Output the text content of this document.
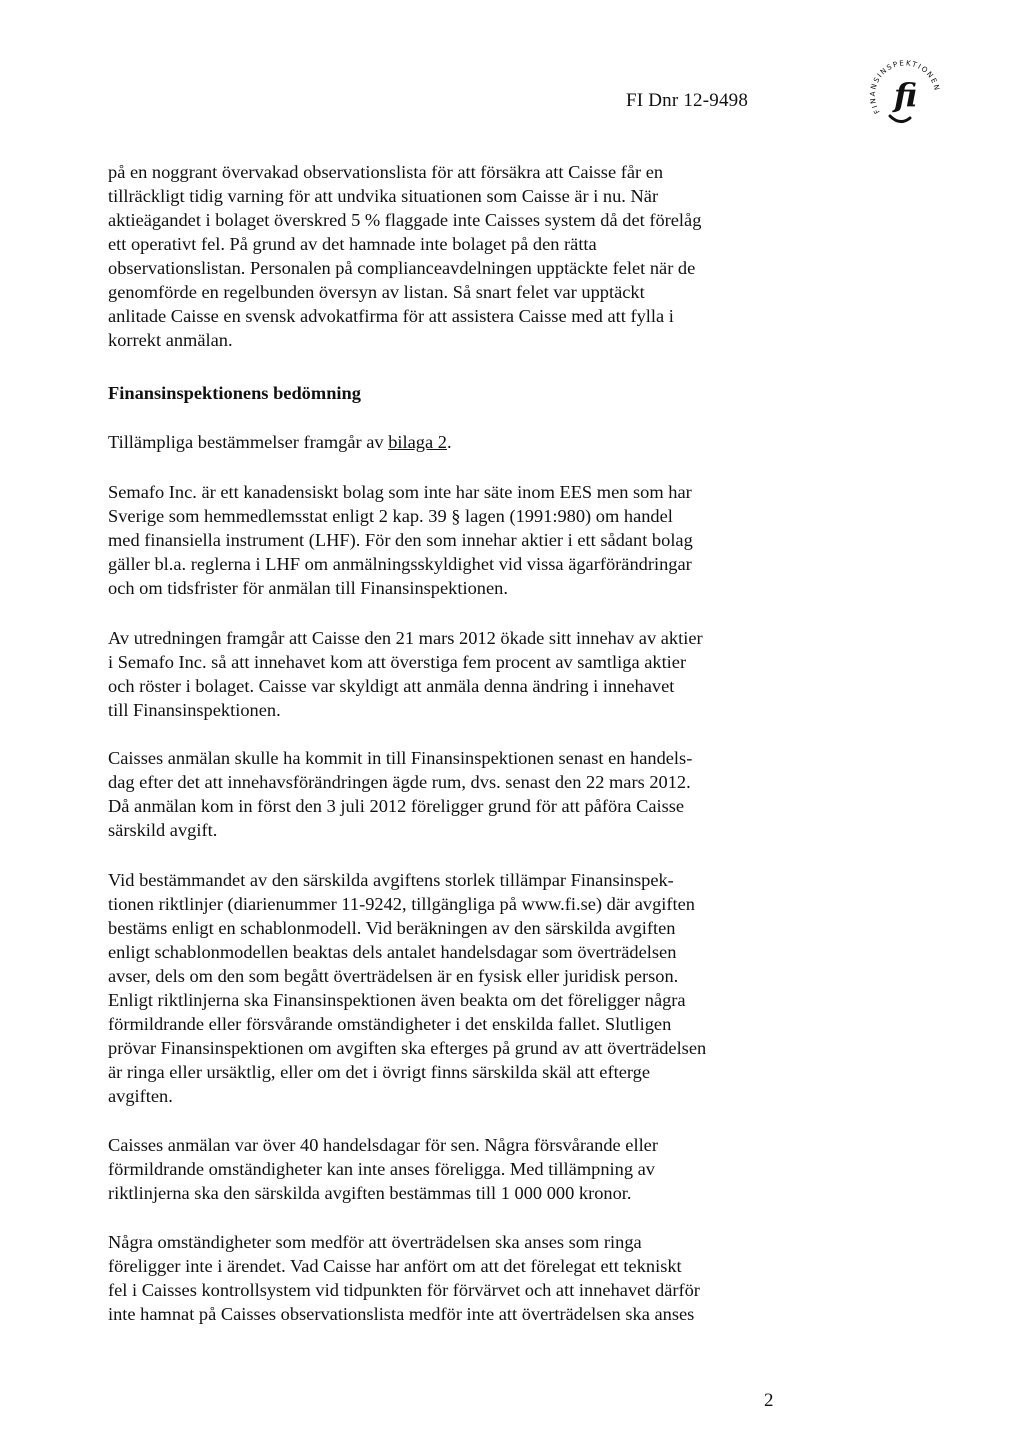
FI Dnr 12-9498	FINANSINSPEKTIONEN
fi
på en noggrant övervakad observationslista för att försäkra att Caisse får en
tillräckligt tidig varning för att undvika situationen som Caisse är i nu. När
aktieägandet i bolaget överskred 5 % flaggade inte Caisses system då det förelåg
ett operativt fel. På grund av det hamnade inte bolaget på den rätta
observationslistan. Personalen på complianceavdelningen upptäckte felet när de
genomförde en regelbunden översyn av listan. Så snart felet var upptäckt
anlitade Caisse en svensk advokatfirma för att assistera Caisse med att fylla i
korrekt anmälan.
Finansinspektionens bedömning
Tillämpliga bestämmelser framgår av bilaga 2.
Semafo Inc. är ett kanadensiskt bolag som inte har säte inom EES men som har
Sverige som hemmedlemsstat enligt 2 kap. 39 § lagen (1991:980) om handel
med finansiella instrument (LHF). För den som innehar aktier i ett sådant bolag
gäller bl.a. reglerna i LHF om anmälningsskyldighet vid vissa ägarförändringar
och om tidsfrister för anmälan till Finansinspektionen.
Av utredningen framgår att Caisse den 21 mars 2012 ökade sitt innehav av aktier
i Semafo Inc. så att innehavet kom att överstiga fem procent av samtliga aktier
och röster i bolaget. Caisse var skyldigt att anmäla denna ändring i innehavet
till Finansinspektionen.
Caisses anmälan skulle ha kommit in till Finansinspektionen senast en handels-
dag efter det att innehavsförändringen ägde rum, dvs. senast den 22 mars 2012.
Då anmälan kom in först den 3 juli 2012 föreligger grund för att påföra Caisse
särskild avgift.
Vid bestämmandet av den särskilda avgiftens storlek tillämpar Finansinspek-
tionen riktlinjer (diarienummer 11-9242, tillgängliga på www.fi.se) där avgiften
bestäms enligt en schablonmodell. Vid beräkningen av den särskilda avgiften
enligt schablonmodellen beaktas dels antalet handelsdagar som överträdelsen
avser, dels om den som begått överträdelsen är en fysisk eller juridisk person.
Enligt riktlinjerna ska Finansinspektionen även beakta om det föreligger några
förmildrande eller försvårande omständigheter i det enskilda fallet. Slutligen
prövar Finansinspektionen om avgiften ska efterges på grund av att överträdelsen
är ringa eller ursäktlig, eller om det i övrigt finns särskilda skäl att efterge
avgiften.
Caisses anmälan var över 40 handelsdagar för sen. Några försvårande eller
förmildrande omständigheter kan inte anses föreligga. Med tillämpning av
riktlinjerna ska den särskilda avgiften bestämmas till 1 000 000 kronor.
Några omständigheter som medför att överträdelsen ska anses som ringa
föreligger inte i ärendet. Vad Caisse har anfört om att det förelegat ett tekniskt
fel i Caisses kontrollsystem vid tidpunkten för förvärvet och att innehavet därför
inte hamnat på Caisses observationslista medför inte att överträdelsen ska anses
2
